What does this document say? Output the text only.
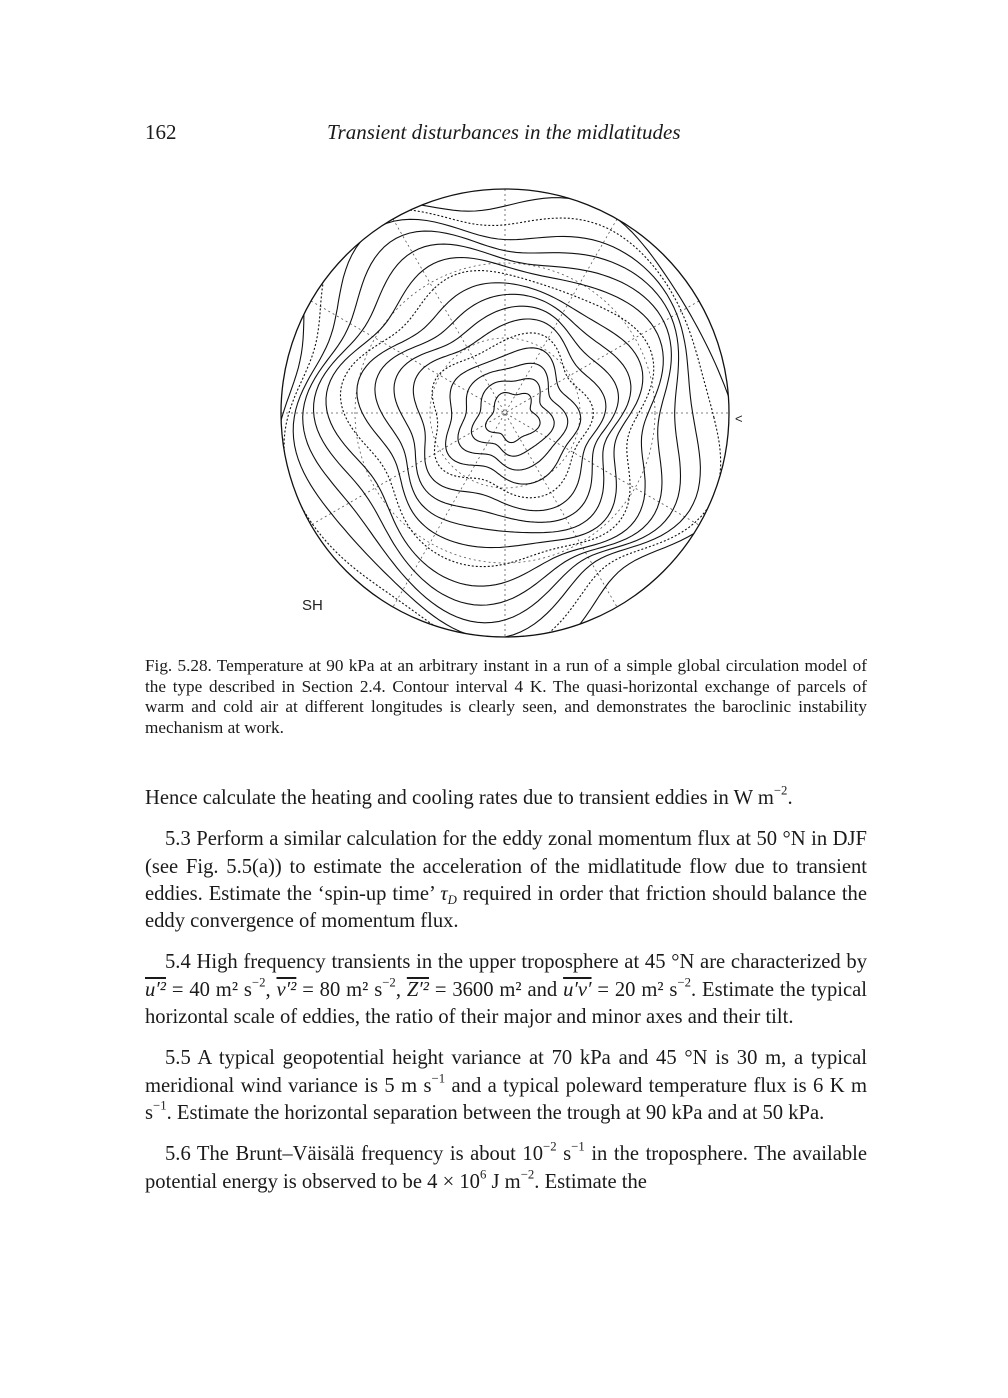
162	Transient disturbances in the midlatitudes
SH
<

Fig. 5.28. Temperature at 90 kPa at an arbitrary instant in a run of a simple global circulation model of the type described in Section 2.4. Contour interval 4 K. The quasi-horizontal exchange of parcels of warm and cold air at different longitudes is clearly seen, and demonstrates the baroclinic instability mechanism at work.

Hence calculate the heating and cooling rates due to transient eddies in W $m^{-2}$.

5.3 Perform a similar calculation for the eddy zonal momentum flux at 50 °N in DJF (see Fig. 5.5(a)) to estimate the acceleration of the midlatitude flow due to transient eddies. Estimate the ‘spin-up time’ $\tau_D$ required in order that friction should balance the eddy convergence of momentum flux.

5.4 High frequency transients in the upper troposphere at 45 °N are characterized by u′² = 40 m² $s^{-2}$, v′² = 80 m² $s^{-2}$, Z′² = 3600 m² and u′v′ = 20 m² $s^{-2}$. Estimate the typical horizontal scale of eddies, the ratio of their major and minor axes and their tilt.

5.5 A typical geopotential height variance at 70 kPa and 45 °N is 30 m, a typical meridional wind variance is 5 m $s^{-1}$ and a typical poleward temperature flux is 6 K m $s^{-1}$. Estimate the horizontal separation between the trough at 90 kPa and at 50 kPa.

5.6 The Brunt–Väisälä frequency is about $10^{-2}$ $s^{-1}$ in the troposphere. The available potential energy is observed to be $4 \times 10^6$ J $m^{-2}$. Estimate the
